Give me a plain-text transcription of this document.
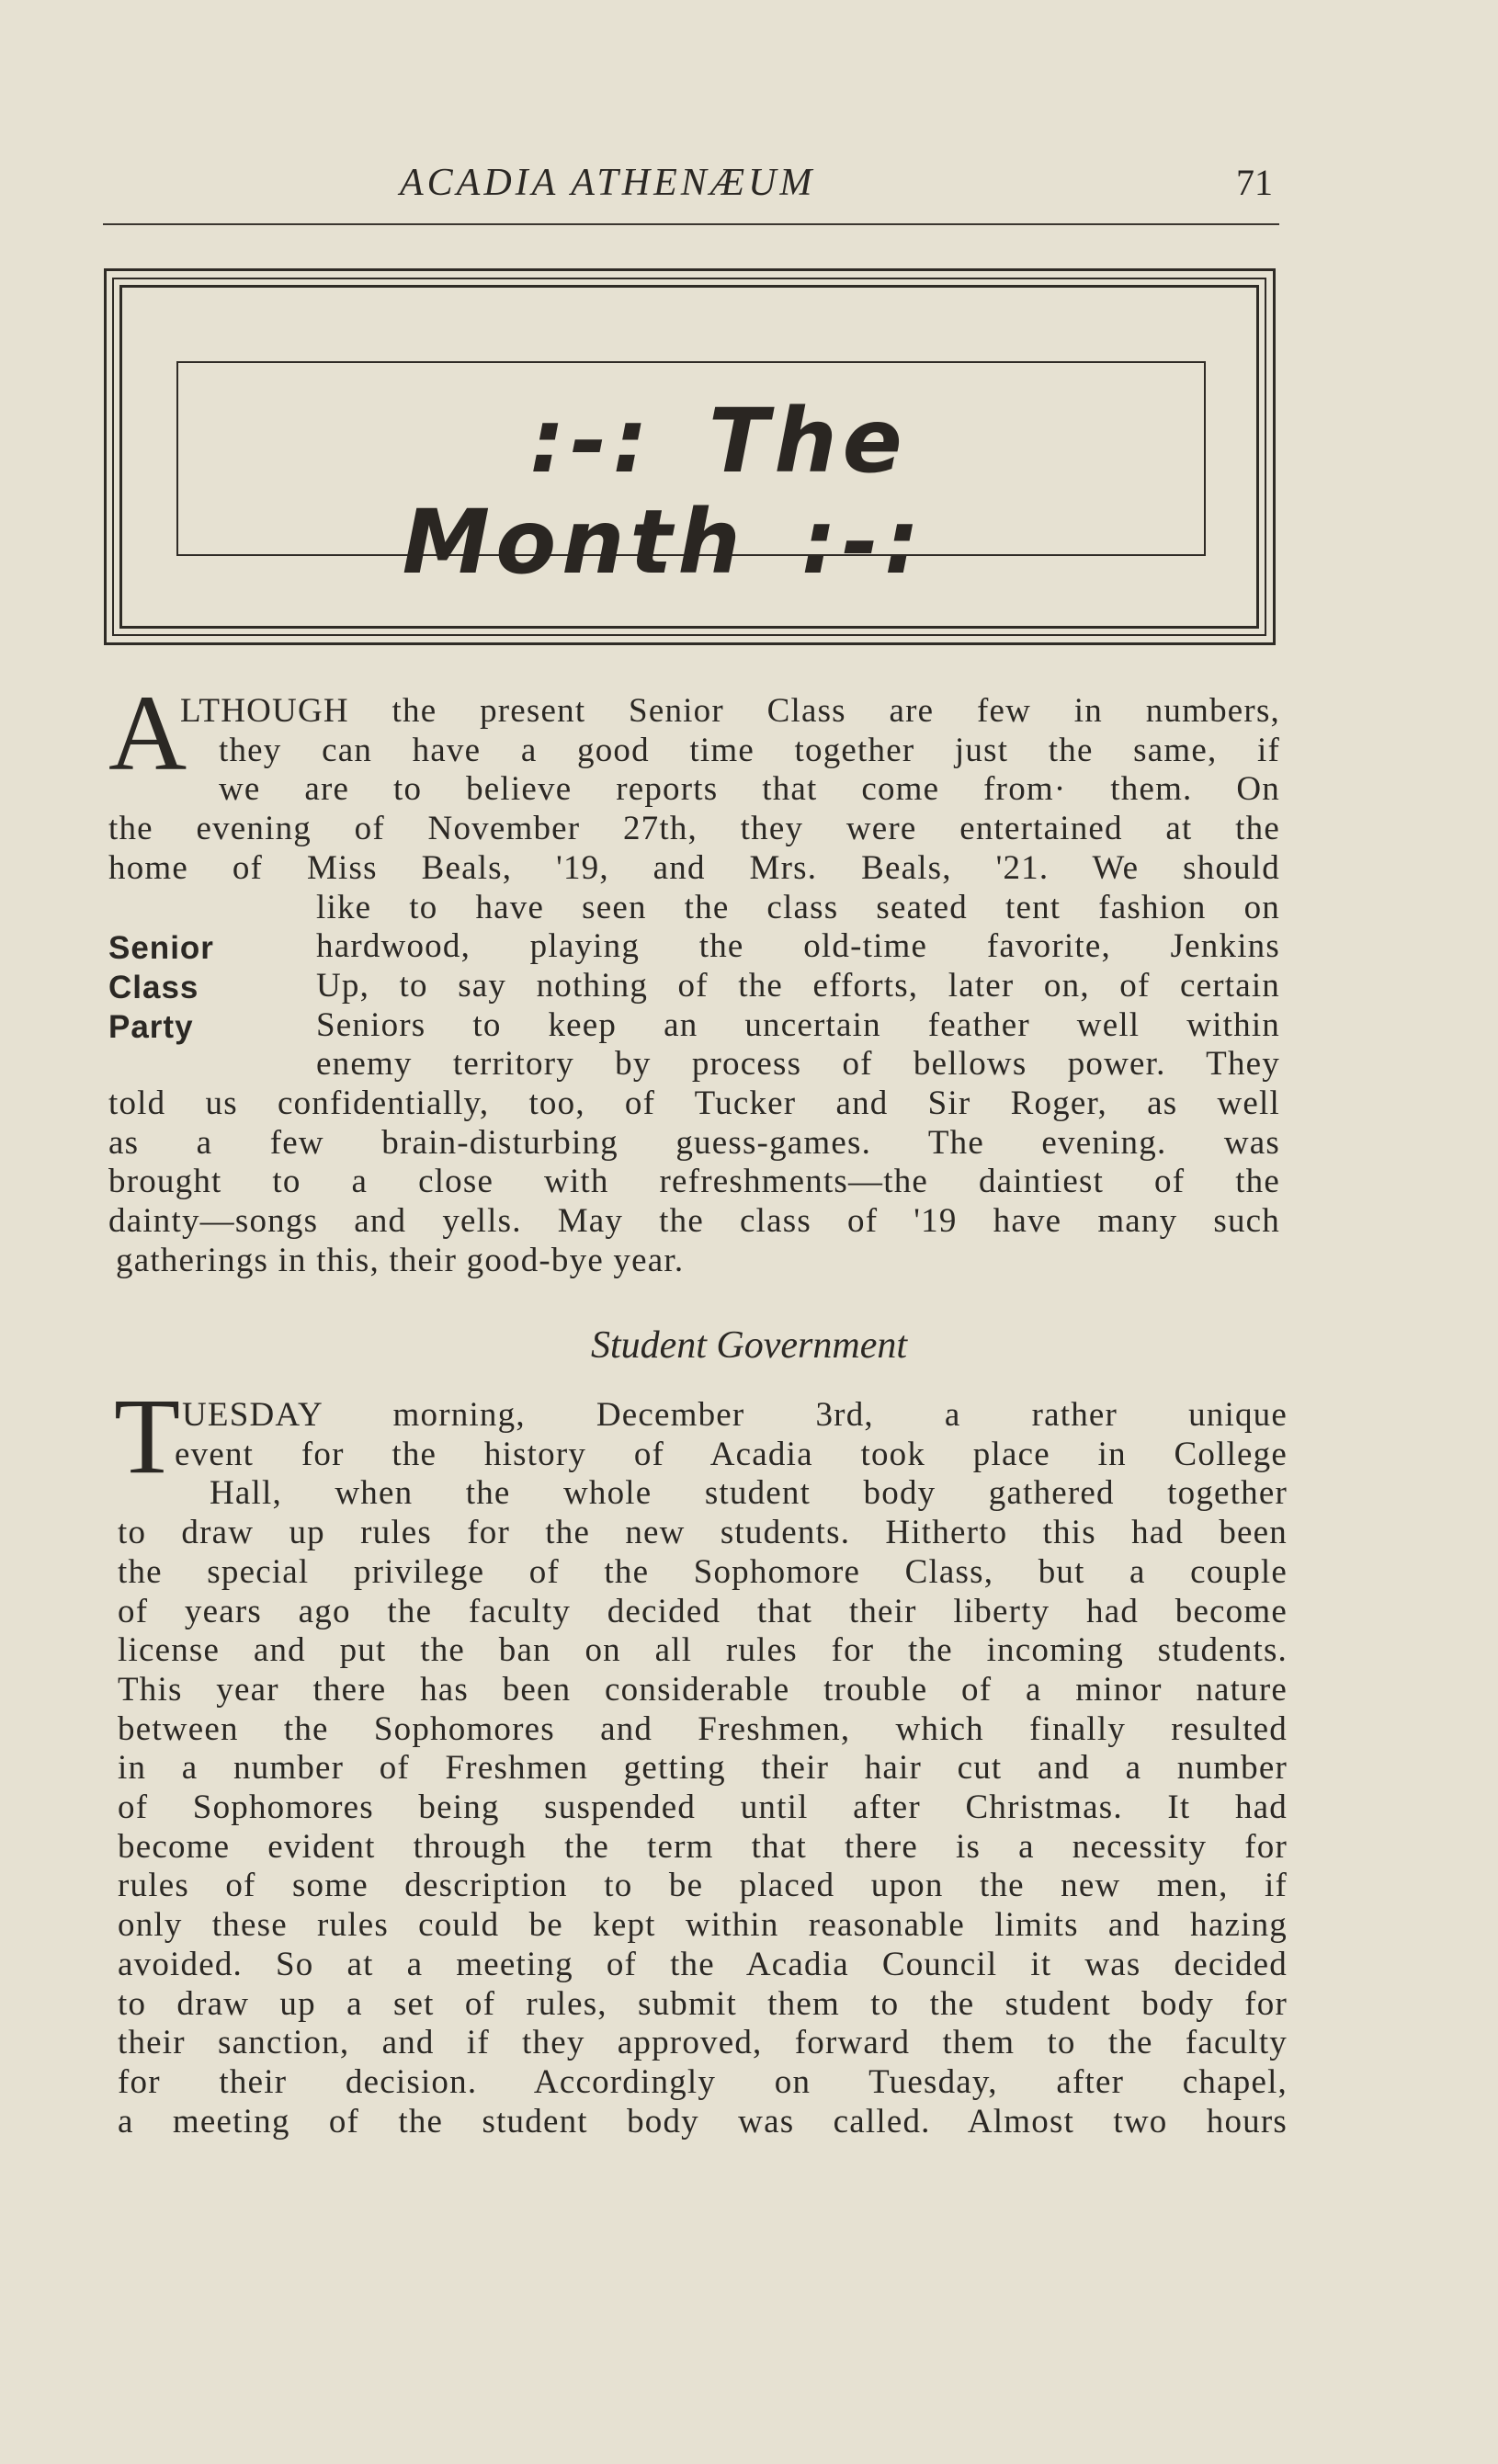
ACADIA ATHENÆUM	71
:-: The Month :-:
A
Senior
Class
Party
LTHOUGH the present Senior Class are few in numbers,
they can have a good time together just the same, if
we are to believe reports that come from· them. On
the evening of November 27th, they were entertained at the
home of Miss Beals, '19, and Mrs. Beals, '21. We should
like to have seen the class seated tent fashion on
hardwood, playing the old-time favorite, Jenkins
Up, to say nothing of the efforts, later on, of certain
Seniors to keep an uncertain feather well within
enemy territory by process of bellows power. They
told us confidentially, too, of Tucker and Sir Roger, as well
as a few brain-disturbing guess-games. The evening. was
brought to a close with refreshments—the daintiest of the
dainty—songs and yells. May the class of '19 have many such
gatherings in this, their good-bye year.
Student Government
T UESDAY morning, December 3rd, a rather unique
event for the history of Acadia took place in College
Hall, when the whole student body gathered together
to draw up rules for the new students. Hitherto this had been
the special privilege of the Sophomore Class, but a couple
of years ago the faculty decided that their liberty had become
license and put the ban on all rules for the incoming students.
This year there has been considerable trouble of a minor nature
between the Sophomores and Freshmen, which finally resulted
in a number of Freshmen getting their hair cut and a number
of Sophomores being suspended until after Christmas. It had
become evident through the term that there is a necessity for
rules of some description to be placed upon the new men, if
only these rules could be kept within reasonable limits and hazing
avoided. So at a meeting of the Acadia Council it was decided
to draw up a set of rules, submit them to the student body for
their sanction, and if they approved, forward them to the faculty
for their decision. Accordingly on Tuesday, after chapel,
a meeting of the student body was called. Almost two hours
